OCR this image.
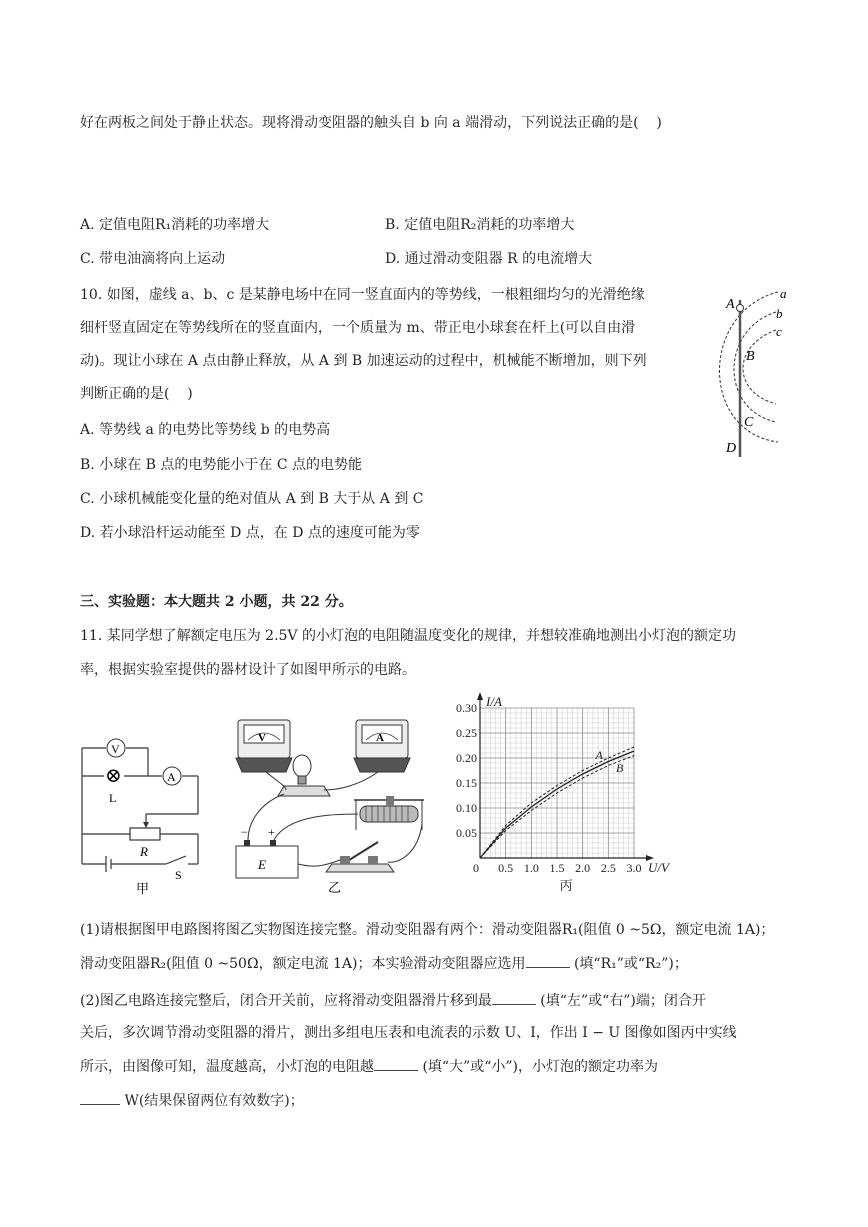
好在两板之间处于静止状态。现将滑动变阻器的触头自 b 向 a 端滑动，下列说法正确的是(    )
A. 定值电阻R₁消耗的功率增大	B. 定值电阻R₂消耗的功率增大
C. 带电油滴将向上运动	D. 通过滑动变阻器 R 的电流增大
10. 如图，虚线 a、b、c 是某静电场中在同一竖直面内的等势线，一根粗细均匀的光滑绝缘
细杆竖直固定在等势线所在的竖直面内，一个质量为 m、带正电小球套在杆上(可以自由滑
动)。现让小球在 A 点由静止释放，从 A 到 B 加速运动的过程中，机械能不断增加，则下列
判断正确的是(    )
A. 等势线 a 的电势比等势线 b 的电势高
B. 小球在 B 点的电势能小于在 C 点的电势能
C. 小球机械能变化量的绝对值从 A 到 B 大于从 A 到 C
D. 若小球沿杆运动能至 D 点，在 D 点的速度可能为零
A
B
C
D
a
b
c
三、实验题：本大题共 2 小题，共 22 分。
11. 某同学想了解额定电压为 2.5V 的小灯泡的电阻随温度变化的规律，并想较准确地测出小灯泡的额定功
率，根据实验室提供的器材设计了如图甲所示的电路。
V
⊗
L
A
R
S
甲
V	A
− +
E
乙
0.30
0.25
0.20
0.15
0.10
0.05
0 0.5 1.0 1.5 2.0 2.5 3.0
I/A
U/V
A
B
丙
(1)请根据图甲电路图将图乙实物图连接完整。滑动变阻器有两个：滑动变阻器R₁(阻值 0 ~5Ω，额定电流 1A)；
滑动变阻器R₂(阻值 0 ~50Ω，额定电流 1A)；本实验滑动变阻器应选用	(填“R₁”或“R₂”)；
(2)图乙电路连接完整后，闭合开关前，应将滑动变阻器滑片移到最	(填“左”或“右”)端；闭合开
关后，多次调节滑动变阻器的滑片，测出多组电压表和电流表的示数 U、I，作出 I − U 图像如图丙中实线
所示，由图像可知，温度越高，小灯泡的电阻越	(填“大”或“小”)，小灯泡的额定功率为
W(结果保留两位有效数字)；
